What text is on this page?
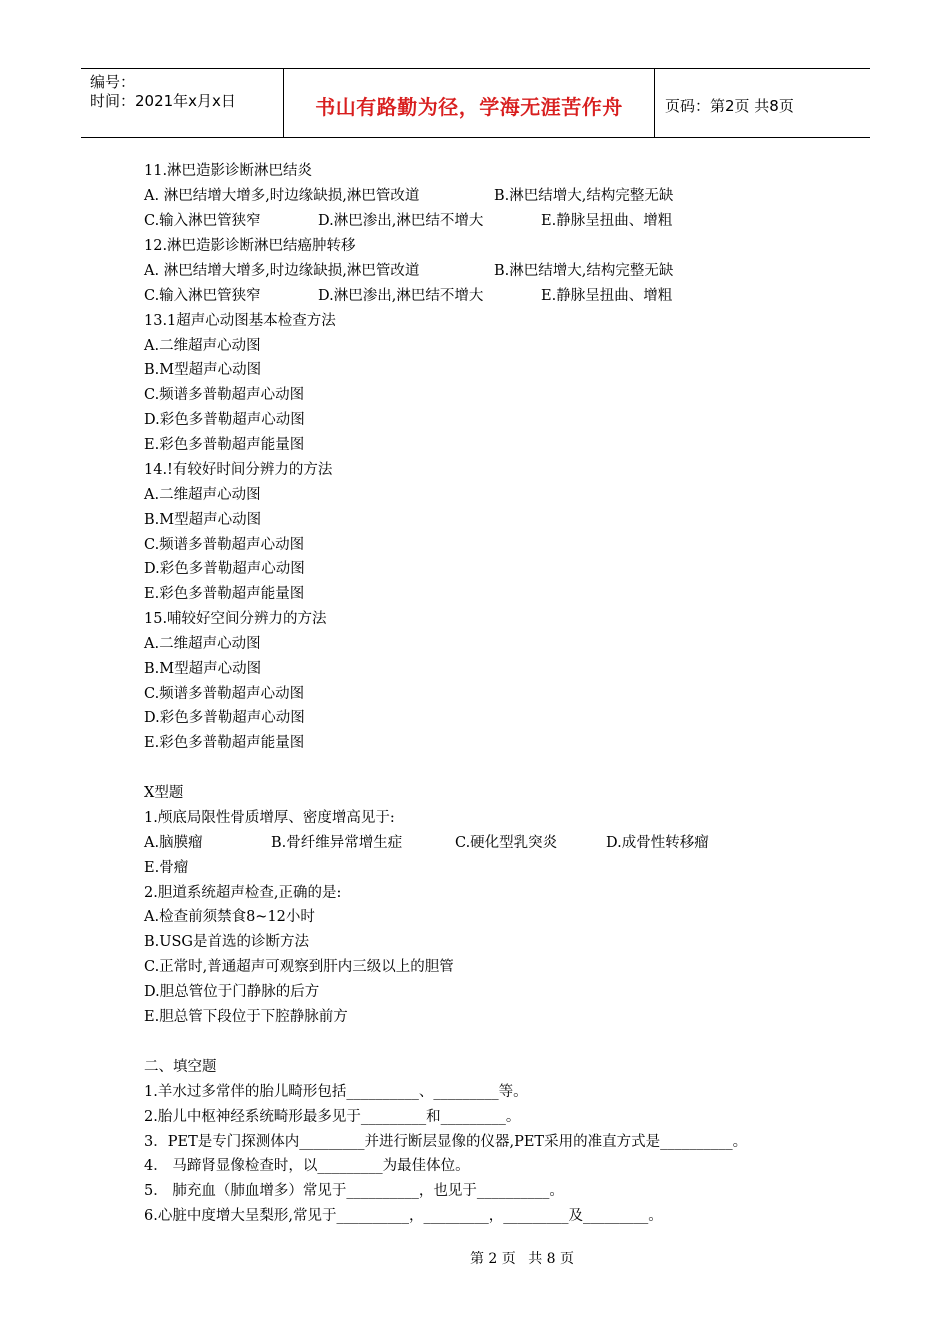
编号：
时间：2021年x月x日	书山有路勤为径，学海无涯苦作舟	页码：第2页 共8页
11.淋巴造影诊断淋巴结炎
A. 淋巴结增大增多,时边缘缺损,淋巴管改道	B.淋巴结增大,结构完整无缺
C.输入淋巴管狭窄	D.淋巴渗出,淋巴结不增大	E.静脉呈扭曲、增粗
12.淋巴造影诊断淋巴结癌肿转移
A. 淋巴结增大增多,时边缘缺损,淋巴管改道	B.淋巴结增大,结构完整无缺
C.输入淋巴管狭窄	D.淋巴渗出,淋巴结不增大	E.静脉呈扭曲、增粗
13.1超声心动图基本检查方法
A.二维超声心动图
B.M型超声心动图
C.频谱多普勒超声心动图
D.彩色多普勒超声心动图
E.彩色多普勒超声能量图
14.!有较好时间分辨力的方法
A.二维超声心动图
B.M型超声心动图
C.频谱多普勒超声心动图
D.彩色多普勒超声心动图
E.彩色多普勒超声能量图
15.哺较好空间分辨力的方法
A.二维超声心动图
B.M型超声心动图
C.频谱多普勒超声心动图
D.彩色多普勒超声心动图
E.彩色多普勒超声能量图
X型题
1.颅底局限性骨质增厚、密度增高见于:
A.脑膜瘤	B.骨纤维异常增生症	C.硬化型乳突炎	D.成骨性转移瘤
E.骨瘤
2.胆道系统超声检查,正确的是:
A.检查前须禁食8~12小时
B.USG是首选的诊断方法
C.正常时,普通超声可观察到肝内三级以上的胆管
D.胆总管位于门静脉的后方
E.胆总管下段位于下腔静脉前方
二、填空题
1.羊水过多常伴的胎儿畸形包括__________、_________等。
2.胎儿中枢神经系统畸形最多见于_________和_________。
3．PET是专门探测体内_________并进行断层显像的仪器,PET采用的准直方式是__________。
4． 马蹄肾显像检查时，以_________为最佳体位。
5． 肺充血（肺血增多）常见于__________，也见于__________。
6.心脏中度增大呈梨形,常见于__________，_________，_________及_________。
第 2 页 共 8 页
